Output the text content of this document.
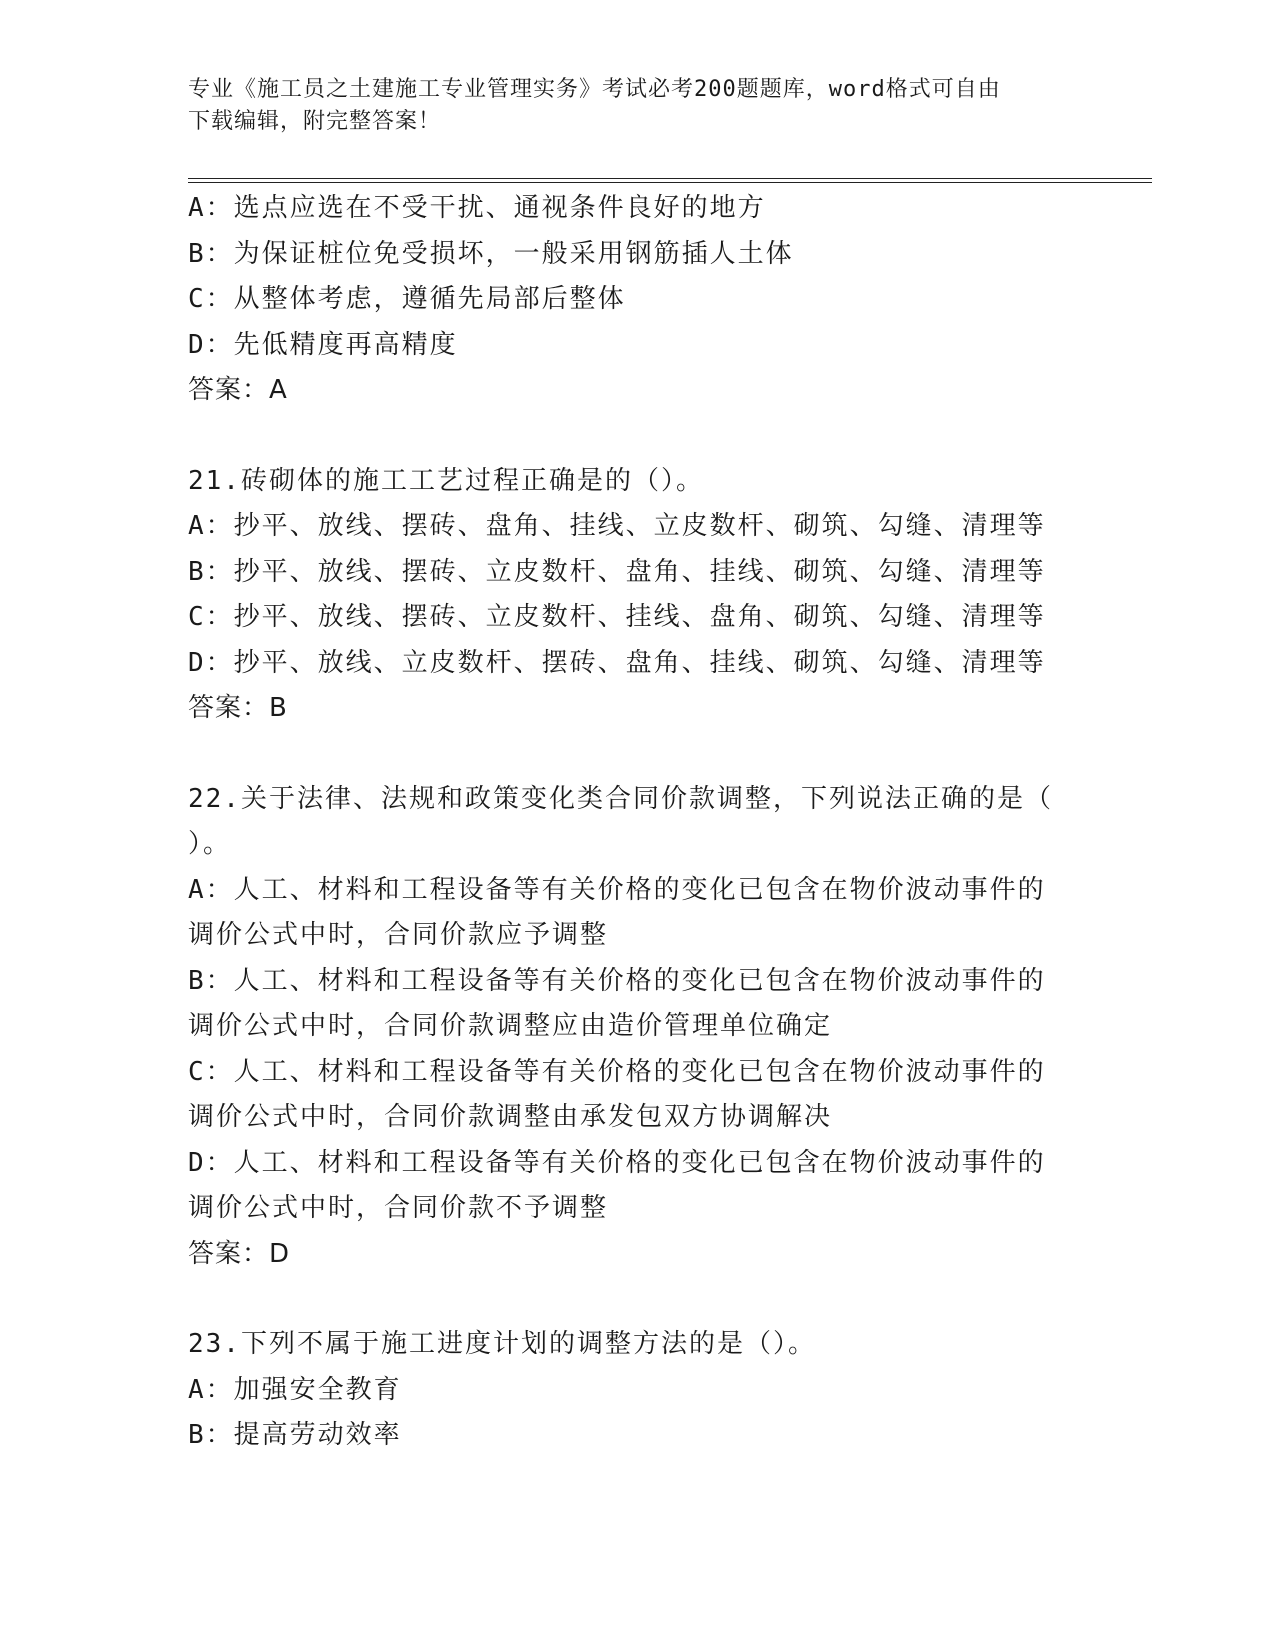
专业《施工员之土建施工专业管理实务》考试必考200题题库，word格式可自由
下载编辑，附完整答案！
A：选点应选在不受干扰、通视条件良好的地方
B：为保证桩位免受损坏，一般采用钢筋插人土体
C：从整体考虑，遵循先局部后整体
D：先低精度再高精度
答案：A
21.砖砌体的施工工艺过程正确是的（）。
A：抄平、放线、摆砖、盘角、挂线、立皮数杆、砌筑、勾缝、清理等
B：抄平、放线、摆砖、立皮数杆、盘角、挂线、砌筑、勾缝、清理等
C：抄平、放线、摆砖、立皮数杆、挂线、盘角、砌筑、勾缝、清理等
D：抄平、放线、立皮数杆、摆砖、盘角、挂线、砌筑、勾缝、清理等
答案：B
22.关于法律、法规和政策变化类合同价款调整，下列说法正确的是（
）。
A：人工、材料和工程设备等有关价格的变化已包含在物价波动事件的
调价公式中时，合同价款应予调整
B：人工、材料和工程设备等有关价格的变化已包含在物价波动事件的
调价公式中时，合同价款调整应由造价管理单位确定
C：人工、材料和工程设备等有关价格的变化已包含在物价波动事件的
调价公式中时，合同价款调整由承发包双方协调解决
D：人工、材料和工程设备等有关价格的变化已包含在物价波动事件的
调价公式中时，合同价款不予调整
答案：D
23.下列不属于施工进度计划的调整方法的是（）。
A：加强安全教育
B：提高劳动效率
